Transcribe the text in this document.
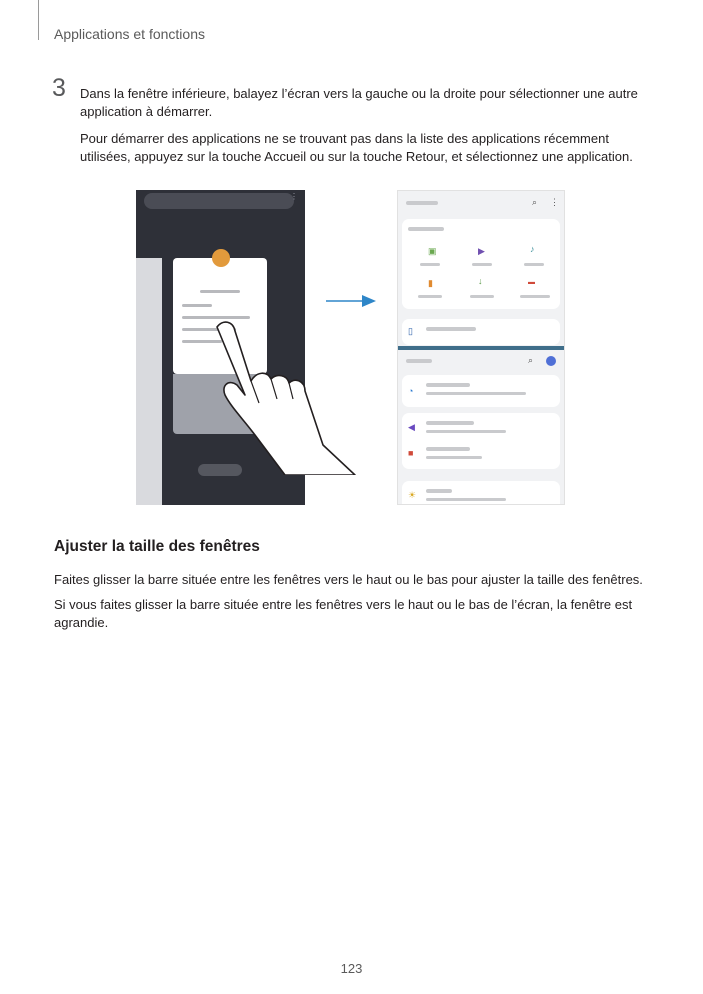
Applications et fonctions
3 Dans la fenêtre inférieure, balayez l’écran vers la gauche ou la droite pour sélectionner une autre application à démarrer.
Pour démarrer des applications ne se trouvant pas dans la liste des applications récemment utilisées, appuyez sur la touche Accueil ou sur la touche Retour, et sélectionnez une application.
⋮
⌕ ⋮
▣	▶	♪
▮	↓	▬
▯
⌕
◔
◀
■
☀
Ajuster la taille des fenêtres
Faites glisser la barre située entre les fenêtres vers le haut ou le bas pour ajuster la taille des fenêtres.
Si vous faites glisser la barre située entre les fenêtres vers le haut ou le bas de l’écran, la fenêtre est agrandie.
123
